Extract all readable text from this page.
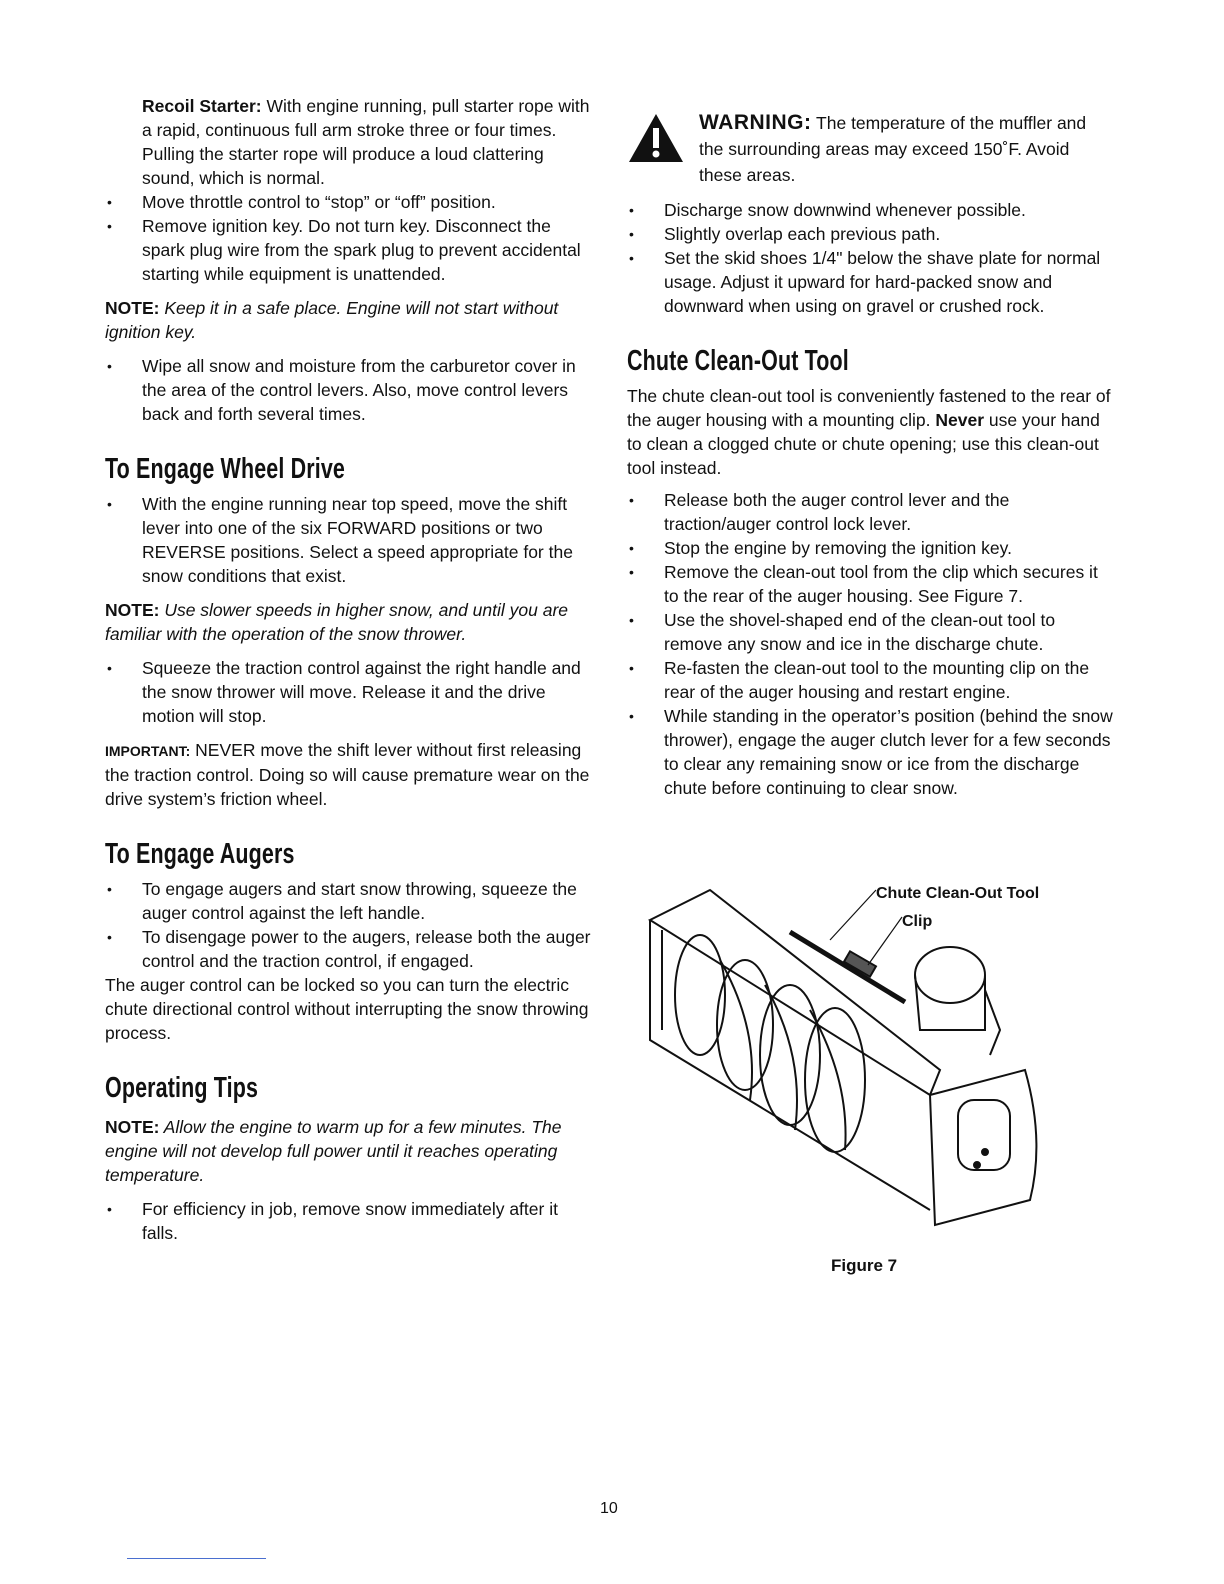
Recoil Starter: With engine running, pull starter rope with a rapid, continuous full arm stroke three or four times. Pulling the starter rope will produce a loud clattering sound, which is normal.

• Move throttle control to “stop” or “off” position.
• Remove ignition key. Do not turn key. Disconnect the spark plug wire from the spark plug to prevent accidental starting while equipment is unattended.

NOTE: Keep it in a safe place. Engine will not start without ignition key.

• Wipe all snow and moisture from the carburetor cover in the area of the control levers. Also, move control levers back and forth several times.
To Engage Wheel Drive
• With the engine running near top speed, move the shift lever into one of the six FORWARD positions or two REVERSE positions. Select a speed appropriate for the snow conditions that exist.

NOTE: Use slower speeds in higher snow, and until you are familiar with the operation of the snow thrower.

• Squeeze the traction control against the right handle and the snow thrower will move. Release it and the drive motion will stop.

IMPORTANT: NEVER move the shift lever without first releasing the traction control. Doing so will cause premature wear on the drive system’s friction wheel.

To Engage Augers
• To engage augers and start snow throwing, squeeze the auger control against the left handle.
• To disengage power to the augers, release both the auger control and the traction control, if engaged.

The auger control can be locked so you can turn the electric chute directional control without interrupting the snow throwing process.

Operating Tips

NOTE: Allow the engine to warm up for a few minutes. The engine will not develop full power until it reaches operating temperature.

• For efficiency in job, remove snow immediately after it falls.

WARNING: The temperature of the muffler and the surrounding areas may exceed 150˚F. Avoid these areas.

• Discharge snow downwind whenever possible.
• Slightly overlap each previous path.
• Set the skid shoes 1/4" below the shave plate for normal usage. Adjust it upward for hard-packed snow and downward when using on gravel or crushed rock.
Chute Clean-Out Tool

The chute clean-out tool is conveniently fastened to the rear of the auger housing with a mounting clip. Never use your hand to clean a clogged chute or chute opening; use this clean-out tool instead.

• Release both the auger control lever and the traction/auger control lock lever.
• Stop the engine by removing the ignition key.
• Remove the clean-out tool from the clip which secures it to the rear of the auger housing. See Figure 7.
• Use the shovel-shaped end of the clean-out tool to remove any snow and ice in the discharge chute.
• Re-fasten the clean-out tool to the mounting clip on the rear of the auger housing and restart engine.
• While standing in the operator’s position (behind the snow thrower), engage the auger clutch lever for a few seconds to clear any remaining snow or ice from the discharge chute before continuing to clear snow.
Chute Clean-Out Tool
Clip
Figure 7
10
